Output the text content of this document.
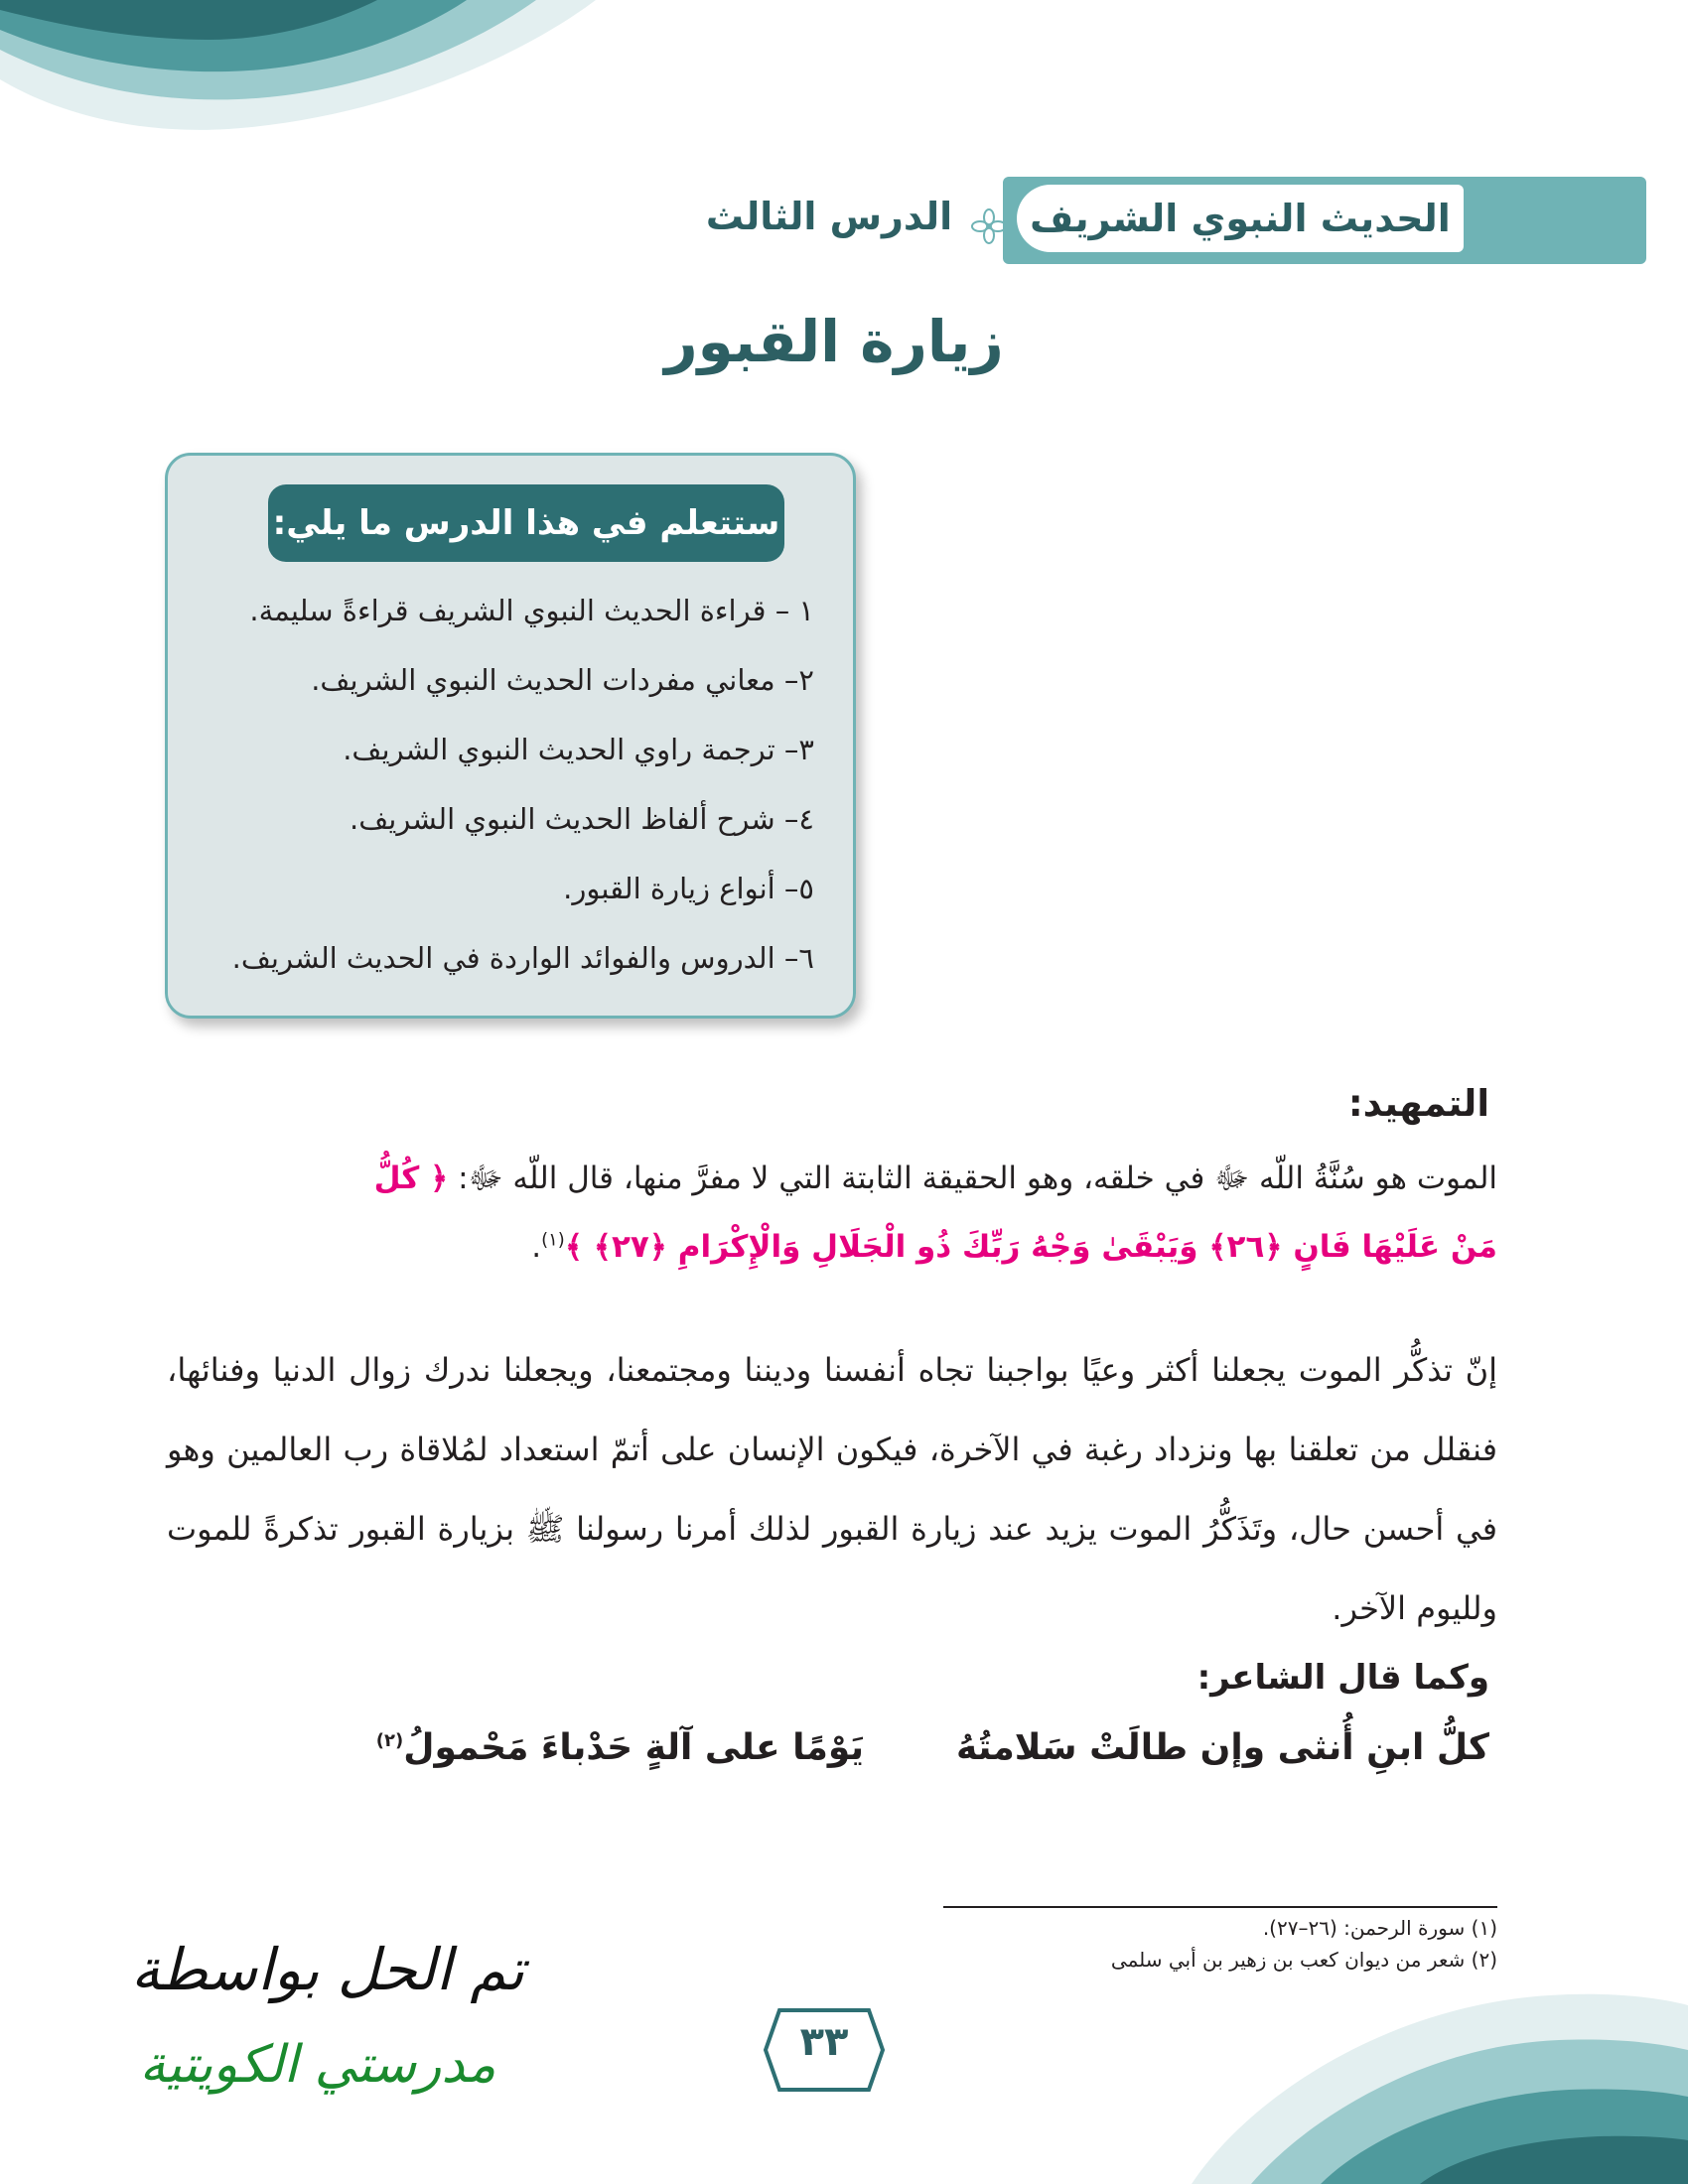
الحديث النبوي الشريف
الدرس الثالث
زيارة القبور
ستتعلم في هذا الدرس ما يلي:
١ – قراءة الحديث النبوي الشريف قراءةً سليمة.
٢– معاني مفردات الحديث النبوي الشريف.
٣– ترجمة راوي الحديث النبوي الشريف.
٤– شرح ألفاظ الحديث النبوي الشريف.
٥– أنواع زيارة القبور.
٦– الدروس والفوائد الواردة في الحديث الشريف.
التمهيد:
الموت هو سُنَّةُ اللّه ﷻ في خلقه، وهو الحقيقة الثابتة التي لا مفرَّ منها، قال اللّه ﷻ: ﴿ كُلُّ
مَنْ عَلَيْهَا فَانٍ ﴿٢٦﴾ وَيَبْقَىٰ وَجْهُ رَبِّكَ ذُو الْجَلَالِ وَالْإِكْرَامِ ﴿٢٧﴾ ﴾$^{(١)}$.
إنّ تذكُّر الموت يجعلنا أكثر وعيًا بواجبنا تجاه أنفسنا وديننا ومجتمعنا، ويجعلنا ندرك زوال الدنيا وفنائها، فنقلل من تعلقنا بها ونزداد رغبة في الآخرة، فيكون الإنسان على أتمّ استعداد لمُلاقاة رب العالمين وهو في أحسن حال، وتَذَكُّرُ الموت يزيد عند زيارة القبور لذلك أمرنا رسولنا ﷺ بزيارة القبور تذكرةً للموت ولليوم الآخر.
وكما قال الشاعر:
كلُّ ابنِ أُنثى وإن طالَتْ سَلامتُهُ
يَوْمًا على آلةٍ حَدْباءَ مَحْمولُ$^{(٢)}$
(١) سورة الرحمن: (٢٦–٢٧).
(٢) شعر من ديوان كعب بن زهير بن أبي سلمى
٣٣
تم الحل بواسطة
مدرستي الكويتية
